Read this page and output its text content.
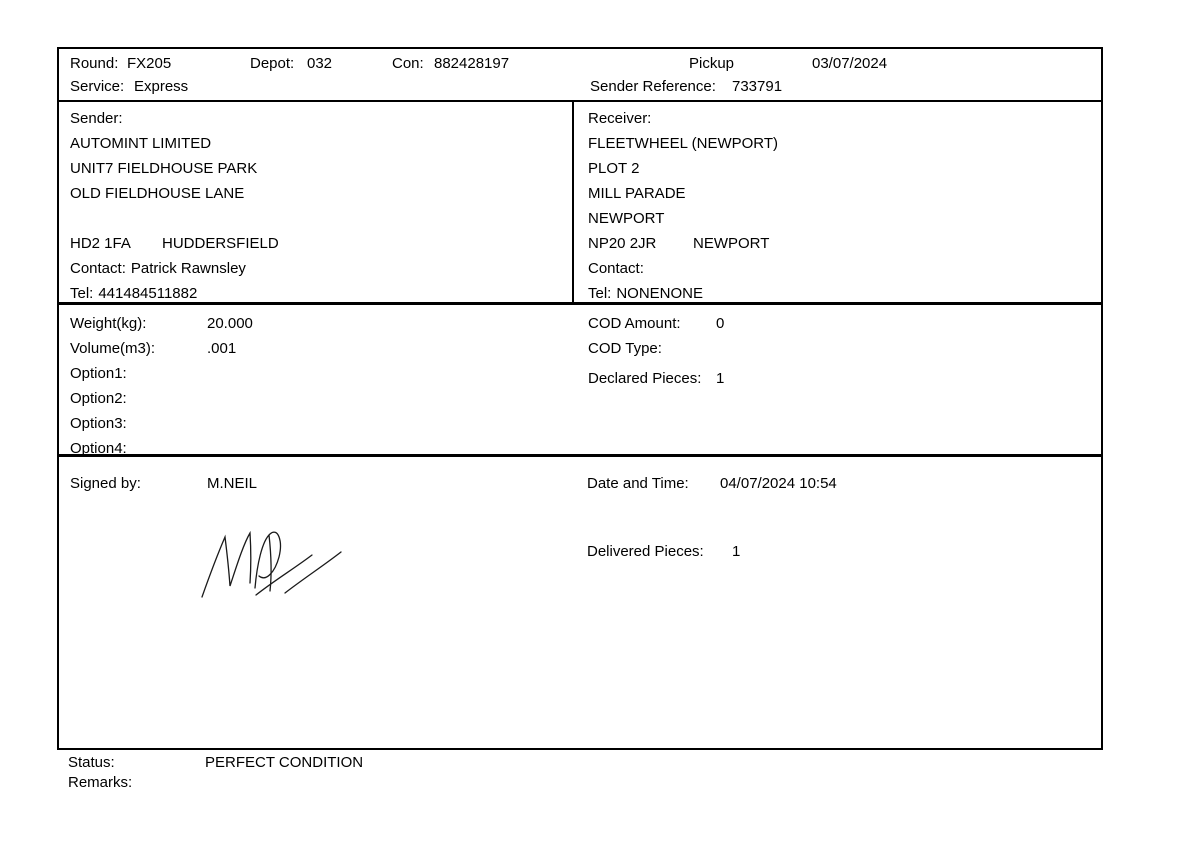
Round: FX205	Depot: 032	Con: 882428197	Pickup	03/07/2024
Service: Express	Sender Reference: 733791
Sender:
AUTOMINT LIMITED
UNIT7 FIELDHOUSE PARK
OLD FIELDHOUSE LANE
HD2 1FA HUDDERSFIELD
Contact: Patrick Rawnsley
Tel: 441484511882
Receiver:
FLEETWHEEL (NEWPORT)
PLOT 2
MILL PARADE
NEWPORT
NP20 2JR NEWPORT
Contact:
Tel: NONENONE
Weight(kg):	20.000
Volume(m3):	.001
Option1:
Option2:
Option3:
Option4:
COD Amount:	0
COD Type:
Declared Pieces: 1
Signed by:	M.NEIL	Date and Time: 04/07/2024 10:54
Delivered Pieces: 1
Status:	PERFECT CONDITION
Remarks:
